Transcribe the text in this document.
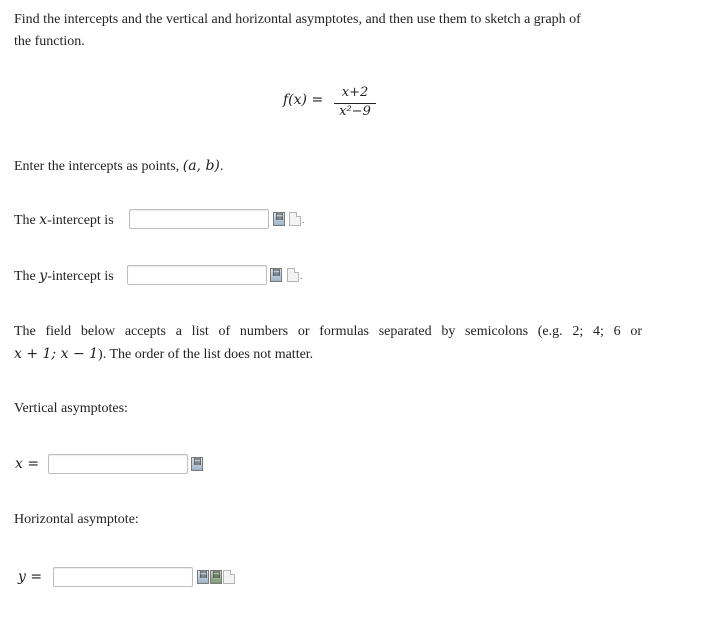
Find the intercepts and the vertical and horizontal asymptotes, and then use them to sketch a graph of
the function.
f(x) =	x+2
x²−9
Enter the intercepts as points, (a, b).
The x-intercept is	▤ .
The y-intercept is	▤ .
The field below accepts a list of numbers or formulas separated by semicolons (e.g. 2; 4; 6 or
x + 1; x − 1). The order of the list does not matter.
Vertical asymptotes:
x =	▤
Horizontal asymptote:
y =	▤ ▤
